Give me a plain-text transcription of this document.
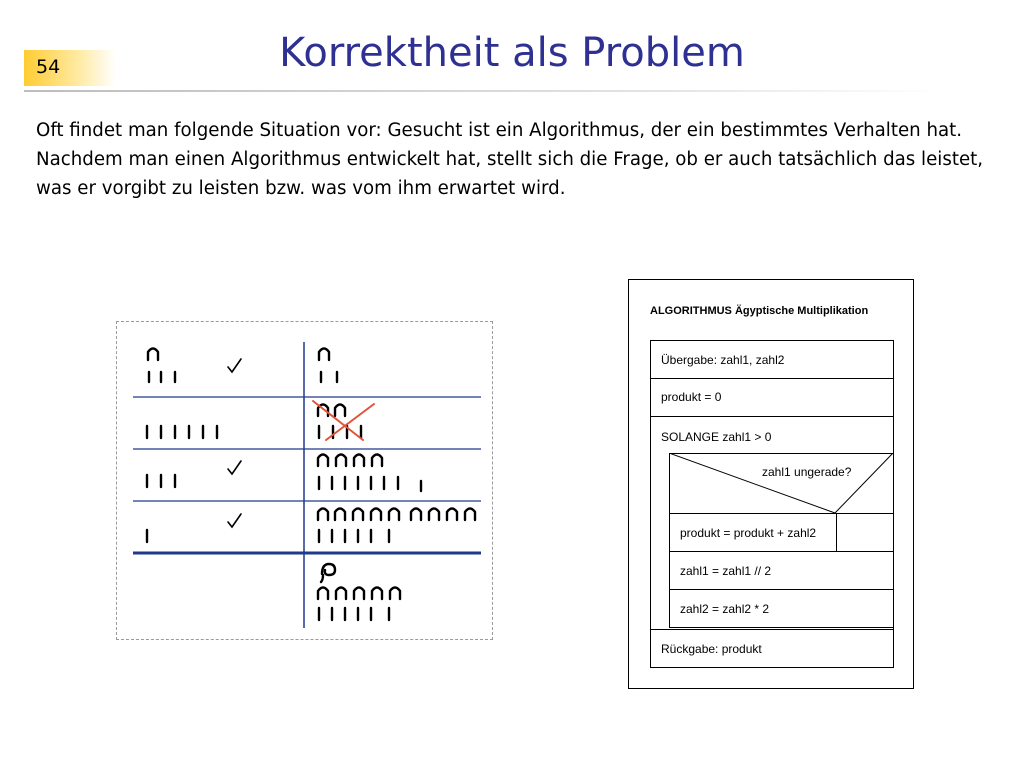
54	Korrektheit als Problem
Oft findet man folgende Situation vor: Gesucht ist ein Algorithmus, der ein bestimmtes Verhalten hat. Nachdem man einen Algorithmus entwickelt hat, stellt sich die Frage, ob er auch tatsächlich das leistet, was er vorgibt zu leisten bzw. was vom ihm erwartet wird.
ALGORITHMUS Ägyptische Multiplikation
Übergabe: zahl1, zahl2
produkt = 0
SOLANGE zahl1 > 0
zahl1 ungerade?
produkt = produkt + zahl2
zahl1 = zahl1 // 2
zahl2 = zahl2 * 2
Rückgabe: produkt
